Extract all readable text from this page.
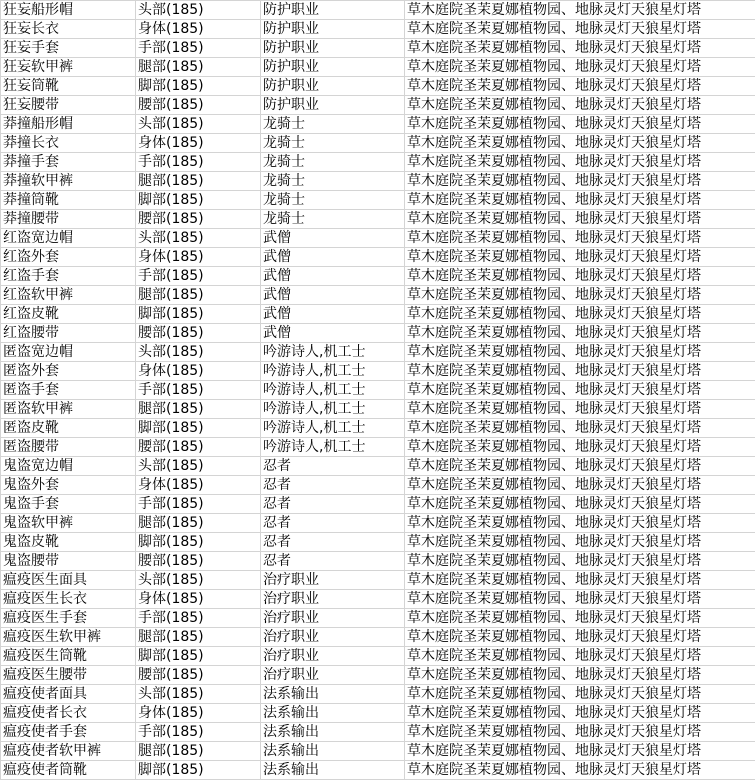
狂妄船形帽	头部(185)	防护职业	草木庭院圣茉夏娜植物园、地脉灵灯天狼星灯塔
狂妄长衣	身体(185)	防护职业	草木庭院圣茉夏娜植物园、地脉灵灯天狼星灯塔
狂妄手套	手部(185)	防护职业	草木庭院圣茉夏娜植物园、地脉灵灯天狼星灯塔
狂妄软甲裤	腿部(185)	防护职业	草木庭院圣茉夏娜植物园、地脉灵灯天狼星灯塔
狂妄筒靴	脚部(185)	防护职业	草木庭院圣茉夏娜植物园、地脉灵灯天狼星灯塔
狂妄腰带	腰部(185)	防护职业	草木庭院圣茉夏娜植物园、地脉灵灯天狼星灯塔
莽撞船形帽	头部(185)	龙骑士	草木庭院圣茉夏娜植物园、地脉灵灯天狼星灯塔
莽撞长衣	身体(185)	龙骑士	草木庭院圣茉夏娜植物园、地脉灵灯天狼星灯塔
莽撞手套	手部(185)	龙骑士	草木庭院圣茉夏娜植物园、地脉灵灯天狼星灯塔
莽撞软甲裤	腿部(185)	龙骑士	草木庭院圣茉夏娜植物园、地脉灵灯天狼星灯塔
莽撞筒靴	脚部(185)	龙骑士	草木庭院圣茉夏娜植物园、地脉灵灯天狼星灯塔
莽撞腰带	腰部(185)	龙骑士	草木庭院圣茉夏娜植物园、地脉灵灯天狼星灯塔
红盗宽边帽	头部(185)	武僧	草木庭院圣茉夏娜植物园、地脉灵灯天狼星灯塔
红盗外套	身体(185)	武僧	草木庭院圣茉夏娜植物园、地脉灵灯天狼星灯塔
红盗手套	手部(185)	武僧	草木庭院圣茉夏娜植物园、地脉灵灯天狼星灯塔
红盗软甲裤	腿部(185)	武僧	草木庭院圣茉夏娜植物园、地脉灵灯天狼星灯塔
红盗皮靴	脚部(185)	武僧	草木庭院圣茉夏娜植物园、地脉灵灯天狼星灯塔
红盗腰带	腰部(185)	武僧	草木庭院圣茉夏娜植物园、地脉灵灯天狼星灯塔
匿盗宽边帽	头部(185)	吟游诗人,机工士	草木庭院圣茉夏娜植物园、地脉灵灯天狼星灯塔
匿盗外套	身体(185)	吟游诗人,机工士	草木庭院圣茉夏娜植物园、地脉灵灯天狼星灯塔
匿盗手套	手部(185)	吟游诗人,机工士	草木庭院圣茉夏娜植物园、地脉灵灯天狼星灯塔
匿盗软甲裤	腿部(185)	吟游诗人,机工士	草木庭院圣茉夏娜植物园、地脉灵灯天狼星灯塔
匿盗皮靴	脚部(185)	吟游诗人,机工士	草木庭院圣茉夏娜植物园、地脉灵灯天狼星灯塔
匿盗腰带	腰部(185)	吟游诗人,机工士	草木庭院圣茉夏娜植物园、地脉灵灯天狼星灯塔
鬼盗宽边帽	头部(185)	忍者	草木庭院圣茉夏娜植物园、地脉灵灯天狼星灯塔
鬼盗外套	身体(185)	忍者	草木庭院圣茉夏娜植物园、地脉灵灯天狼星灯塔
鬼盗手套	手部(185)	忍者	草木庭院圣茉夏娜植物园、地脉灵灯天狼星灯塔
鬼盗软甲裤	腿部(185)	忍者	草木庭院圣茉夏娜植物园、地脉灵灯天狼星灯塔
鬼盗皮靴	脚部(185)	忍者	草木庭院圣茉夏娜植物园、地脉灵灯天狼星灯塔
鬼盗腰带	腰部(185)	忍者	草木庭院圣茉夏娜植物园、地脉灵灯天狼星灯塔
瘟疫医生面具	头部(185)	治疗职业	草木庭院圣茉夏娜植物园、地脉灵灯天狼星灯塔
瘟疫医生长衣	身体(185)	治疗职业	草木庭院圣茉夏娜植物园、地脉灵灯天狼星灯塔
瘟疫医生手套	手部(185)	治疗职业	草木庭院圣茉夏娜植物园、地脉灵灯天狼星灯塔
瘟疫医生软甲裤	腿部(185)	治疗职业	草木庭院圣茉夏娜植物园、地脉灵灯天狼星灯塔
瘟疫医生筒靴	脚部(185)	治疗职业	草木庭院圣茉夏娜植物园、地脉灵灯天狼星灯塔
瘟疫医生腰带	腰部(185)	治疗职业	草木庭院圣茉夏娜植物园、地脉灵灯天狼星灯塔
瘟疫使者面具	头部(185)	法系输出	草木庭院圣茉夏娜植物园、地脉灵灯天狼星灯塔
瘟疫使者长衣	身体(185)	法系输出	草木庭院圣茉夏娜植物园、地脉灵灯天狼星灯塔
瘟疫使者手套	手部(185)	法系输出	草木庭院圣茉夏娜植物园、地脉灵灯天狼星灯塔
瘟疫使者软甲裤	腿部(185)	法系输出	草木庭院圣茉夏娜植物园、地脉灵灯天狼星灯塔
瘟疫使者筒靴	脚部(185)	法系输出	草木庭院圣茉夏娜植物园、地脉灵灯天狼星灯塔
